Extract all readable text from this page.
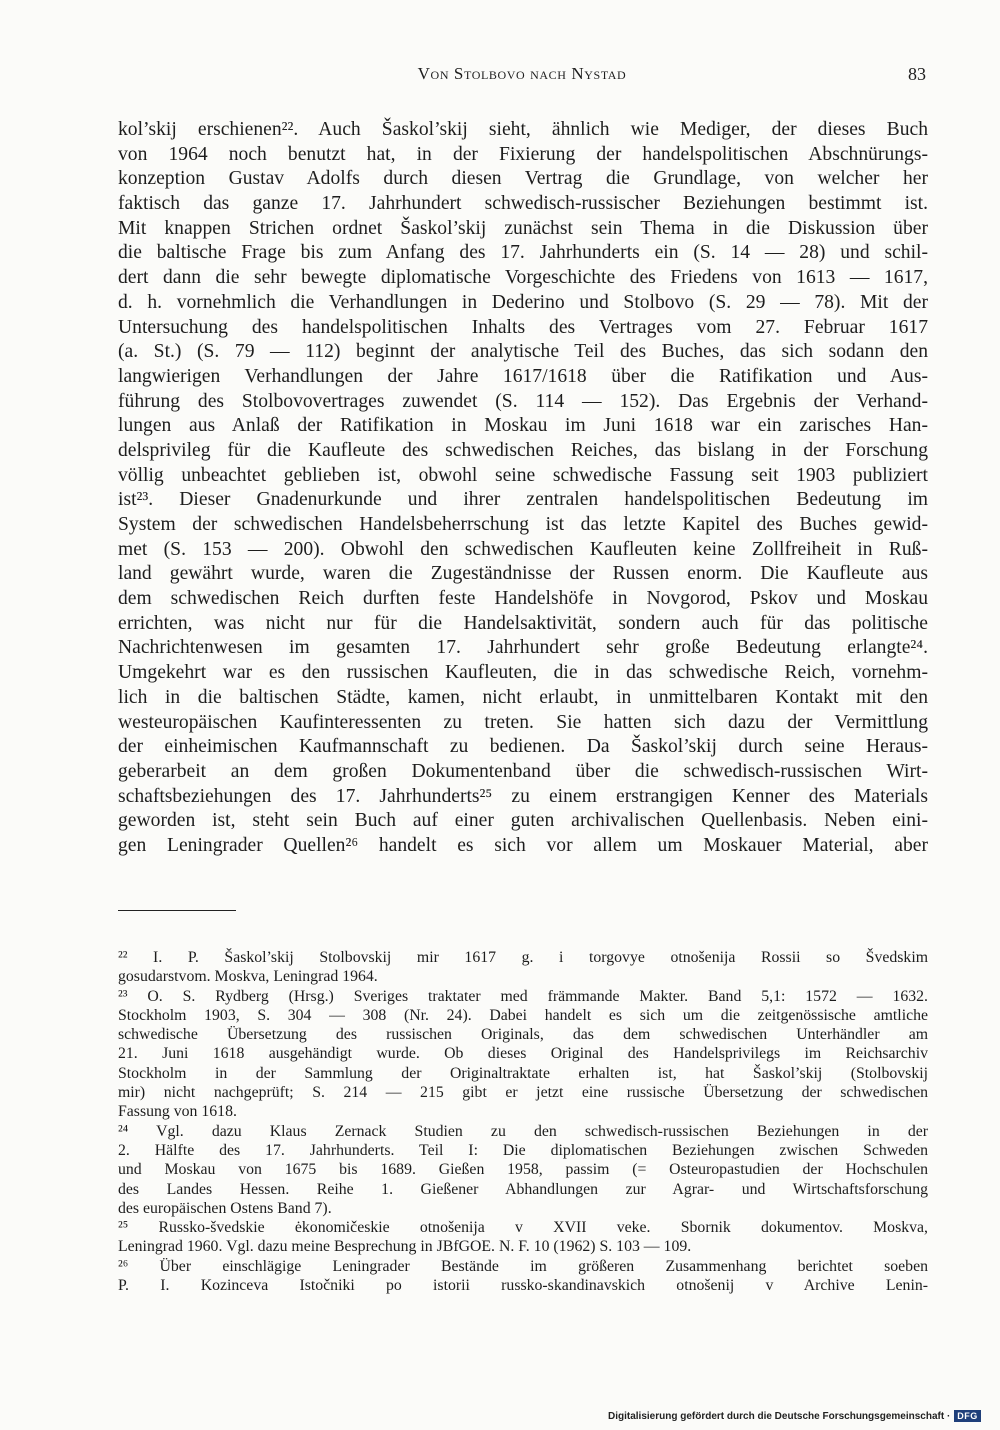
Von Stolbovo nach Nystad	83
kol’skij erschienen²². Auch Šaskol’skij sieht, ähnlich wie Mediger, der dieses Buch
von 1964 noch benutzt hat, in der Fixierung der handelspolitischen Abschnürungs-
konzeption Gustav Adolfs durch diesen Vertrag die Grundlage, von welcher her
faktisch das ganze 17. Jahrhundert schwedisch-russischer Beziehungen bestimmt ist.
Mit knappen Strichen ordnet Šaskol’skij zunächst sein Thema in die Diskussion über
die baltische Frage bis zum Anfang des 17. Jahrhunderts ein (S. 14 — 28) und schil-
dert dann die sehr bewegte diplomatische Vorgeschichte des Friedens von 1613 — 1617,
d. h. vornehmlich die Verhandlungen in Dederino und Stolbovo (S. 29 — 78). Mit der
Untersuchung des handelspolitischen Inhalts des Vertrages vom 27. Februar 1617
(a. St.) (S. 79 — 112) beginnt der analytische Teil des Buches, das sich sodann den
langwierigen Verhandlungen der Jahre 1617/1618 über die Ratifikation und Aus-
führung des Stolbovovertrages zuwendet (S. 114 — 152). Das Ergebnis der Verhand-
lungen aus Anlaß der Ratifikation in Moskau im Juni 1618 war ein zarisches Han-
delsprivileg für die Kaufleute des schwedischen Reiches, das bislang in der Forschung
völlig unbeachtet geblieben ist, obwohl seine schwedische Fassung seit 1903 publiziert
ist²³. Dieser Gnadenurkunde und ihrer zentralen handelspolitischen Bedeutung im
System der schwedischen Handelsbeherrschung ist das letzte Kapitel des Buches gewid-
met (S. 153 — 200). Obwohl den schwedischen Kaufleuten keine Zollfreiheit in Ruß-
land gewährt wurde, waren die Zugeständnisse der Russen enorm. Die Kaufleute aus
dem schwedischen Reich durften feste Handelshöfe in Novgorod, Pskov und Moskau
errichten, was nicht nur für die Handelsaktivität, sondern auch für das politische
Nachrichtenwesen im gesamten 17. Jahrhundert sehr große Bedeutung erlangte²⁴.
Umgekehrt war es den russischen Kaufleuten, die in das schwedische Reich, vornehm-
lich in die baltischen Städte, kamen, nicht erlaubt, in unmittelbaren Kontakt mit den
westeuropäischen Kaufinteressenten zu treten. Sie hatten sich dazu der Vermittlung
der einheimischen Kaufmannschaft zu bedienen. Da Šaskol’skij durch seine Heraus-
geberarbeit an dem großen Dokumentenband über die schwedisch-russischen Wirt-
schaftsbeziehungen des 17. Jahrhunderts²⁵ zu einem erstrangigen Kenner des Materials
geworden ist, steht sein Buch auf einer guten archivalischen Quellenbasis. Neben eini-
gen Leningrader Quellen²⁶ handelt es sich vor allem um Moskauer Material, aber
²² I. P. Šaskol’skij Stolbovskij mir 1617 g. i torgovye otnošenija Rossii so Švedskim
gosudarstvom. Moskva, Leningrad 1964.
²³ O. S. Rydberg (Hrsg.) Sveriges traktater med främmande Makter. Band 5,1: 1572 — 1632.
Stockholm 1903, S. 304 — 308 (Nr. 24). Dabei handelt es sich um die zeitgenössische amtliche
schwedische Übersetzung des russischen Originals, das dem schwedischen Unterhändler am
21. Juni 1618 ausgehändigt wurde. Ob dieses Original des Handelsprivilegs im Reichsarchiv
Stockholm in der Sammlung der Originaltraktate erhalten ist, hat Šaskol’skij (Stolbovskij
mir) nicht nachgeprüft; S. 214 — 215 gibt er jetzt eine russische Übersetzung der schwedischen
Fassung von 1618.
²⁴ Vgl. dazu Klaus Zernack Studien zu den schwedisch-russischen Beziehungen in der
2. Hälfte des 17. Jahrhunderts. Teil I: Die diplomatischen Beziehungen zwischen Schweden
und Moskau von 1675 bis 1689. Gießen 1958, passim (= Osteuropastudien der Hochschulen
des Landes Hessen. Reihe 1. Gießener Abhandlungen zur Agrar- und Wirtschaftsforschung
des europäischen Ostens Band 7).
²⁵ Russko-švedskie ėkonomičeskie otnošenija v XVII veke. Sbornik dokumentov. Moskva,
Leningrad 1960. Vgl. dazu meine Besprechung in JBfGOE. N. F. 10 (1962) S. 103 — 109.
²⁶ Über einschlägige Leningrader Bestände im größeren Zusammenhang berichtet soeben
P. I. Kozinceva Istočniki po istorii russko-skandinavskich otnošenij v Archive Lenin-
Digitalisierung gefördert durch die Deutsche Forschungsgemeinschaft · DFG
